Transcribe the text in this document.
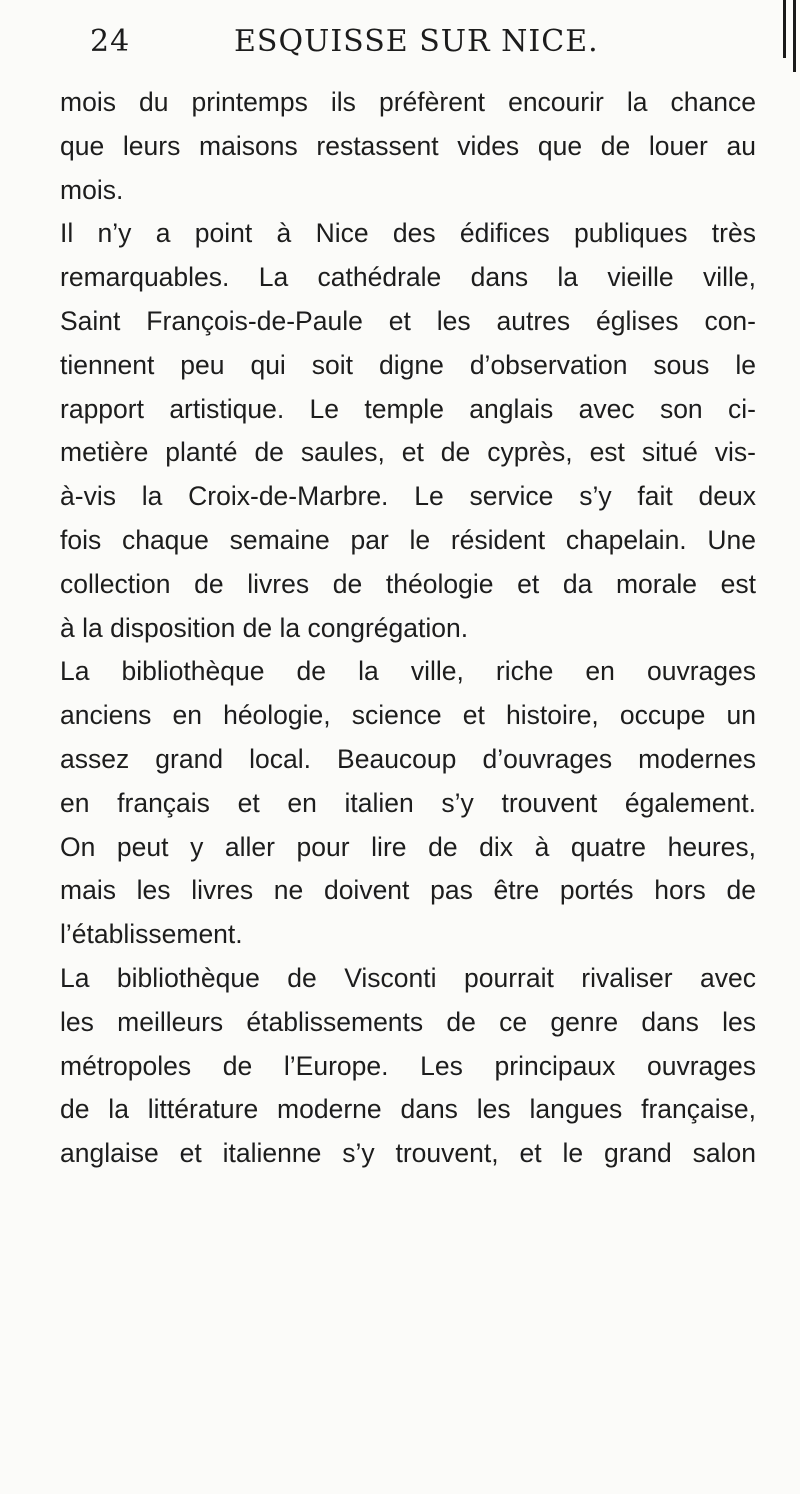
24	ESQUISSE SUR NICE.
mois du printemps ils préfèrent encourir la chance
que leurs maisons restassent vides que de louer au
mois.
Il n’y a point à Nice des édifices publiques très
remarquables. La cathédrale dans la vieille ville,
Saint François-de-Paule et les autres églises con-
tiennent peu qui soit digne d’observation sous le
rapport artistique. Le temple anglais avec son ci-
metière planté de saules, et de cyprès, est situé vis-
à-vis la Croix-de-Marbre. Le service s’y fait deux
fois chaque semaine par le résident chapelain. Une
collection de livres de théologie et da morale est
à la disposition de la congrégation.
La bibliothèque de la ville, riche en ouvrages
anciens en héologie, science et histoire, occupe un
assez grand local. Beaucoup d’ouvrages modernes
en français et en italien s’y trouvent également.
On peut y aller pour lire de dix à quatre heures,
mais les livres ne doivent pas être portés hors de
l’établissement.
La bibliothèque de Visconti pourrait rivaliser avec
les meilleurs établissements de ce genre dans les
métropoles de l’Europe. Les principaux ouvrages
de la littérature moderne dans les langues française,
anglaise et italienne s’y trouvent, et le grand salon
